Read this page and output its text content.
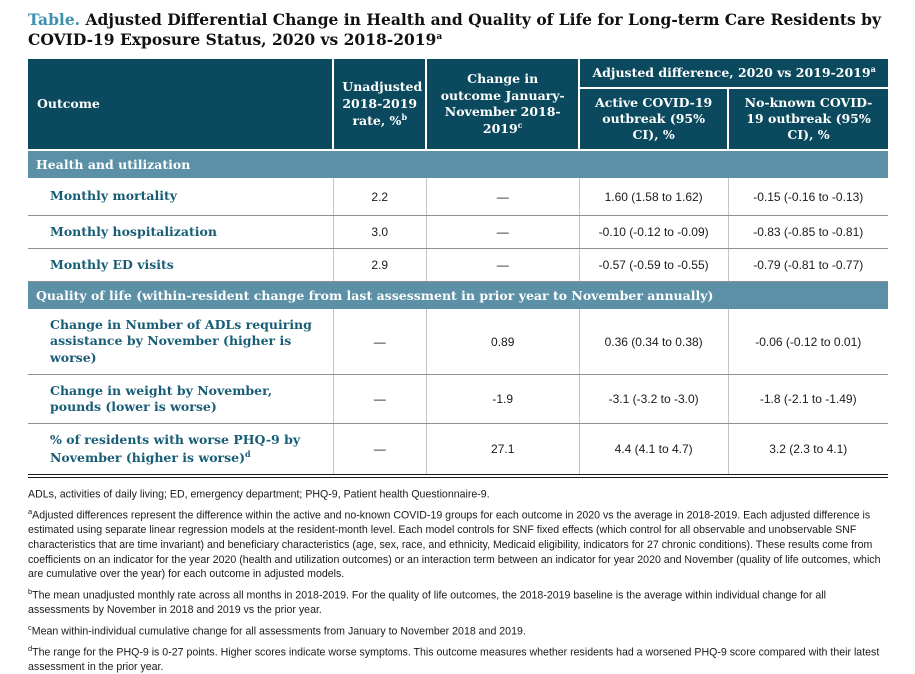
Table. Adjusted Differential Change in Health and Quality of Life for Long-term Care Residents by COVID-19 Exposure Status, 2020 vs 2018-2019$^a$
Outcome	Unadjusted 2018-2019 rate, %$^b$	Change in outcome January-November 2018-2019$^c$	Adjusted difference, 2020 vs 2019-2019$^a$
			Active COVID-19 outbreak (95% CI), %	No-known COVID-19 outbreak (95% CI), %
Health and utilization				
Monthly mortality	2.2	—	1.60 (1.58 to 1.62)	-0.15 (-0.16 to -0.13)
Monthly hospitalization	3.0	—	-0.10 (-0.12 to -0.09)	-0.83 (-0.85 to -0.81)
Monthly ED visits	2.9	—	-0.57 (-0.59 to -0.55)	-0.79 (-0.81 to -0.77)
Quality of life (within-resident change from last assessment in prior year to November annually)				
Change in Number of ADLs requiring assistance by November (higher is worse)	—	0.89	0.36 (0.34 to 0.38)	-0.06 (-0.12 to 0.01)
Change in weight by November, pounds (lower is worse)	—	-1.9	-3.1 (-3.2 to -3.0)	-1.8 (-2.1 to -1.49)
% of residents with worse PHQ-9 by November (higher is worse)$^d$	—	27.1	4.4 (4.1 to 4.7)	3.2 (2.3 to 4.1)
ADLs, activities of daily living; ED, emergency department; PHQ-9, Patient health Questionnaire-9.
$^a$Adjusted differences represent the difference within the active and no-known COVID-19 groups for each outcome in 2020 vs the average in 2018-2019. Each adjusted difference is estimated using separate linear regression models at the resident-month level. Each model controls for SNF fixed effects (which control for all observable and unobservable SNF characteristics that are time invariant) and beneficiary characteristics (age, sex, race, and ethnicity, Medicaid eligibility, indicators for 27 chronic conditions). These results come from coefficients on an indicator for the year 2020 (health and utilization outcomes) or an interaction term between an indicator for year 2020 and November (quality of life outcomes, which are cumulative over the year) for each outcome in adjusted models.
$^b$The mean unadjusted monthly rate across all months in 2018-2019. For the quality of life outcomes, the 2018-2019 baseline is the average within individual change for all assessments by November in 2018 and 2019 vs the prior year.
$^c$Mean within-individual cumulative change for all assessments from January to November 2018 and 2019.
$^d$The range for the PHQ-9 is 0-27 points. Higher scores indicate worse symptoms. This outcome measures whether residents had a worsened PHQ-9 score compared with their latest assessment in the prior year.
